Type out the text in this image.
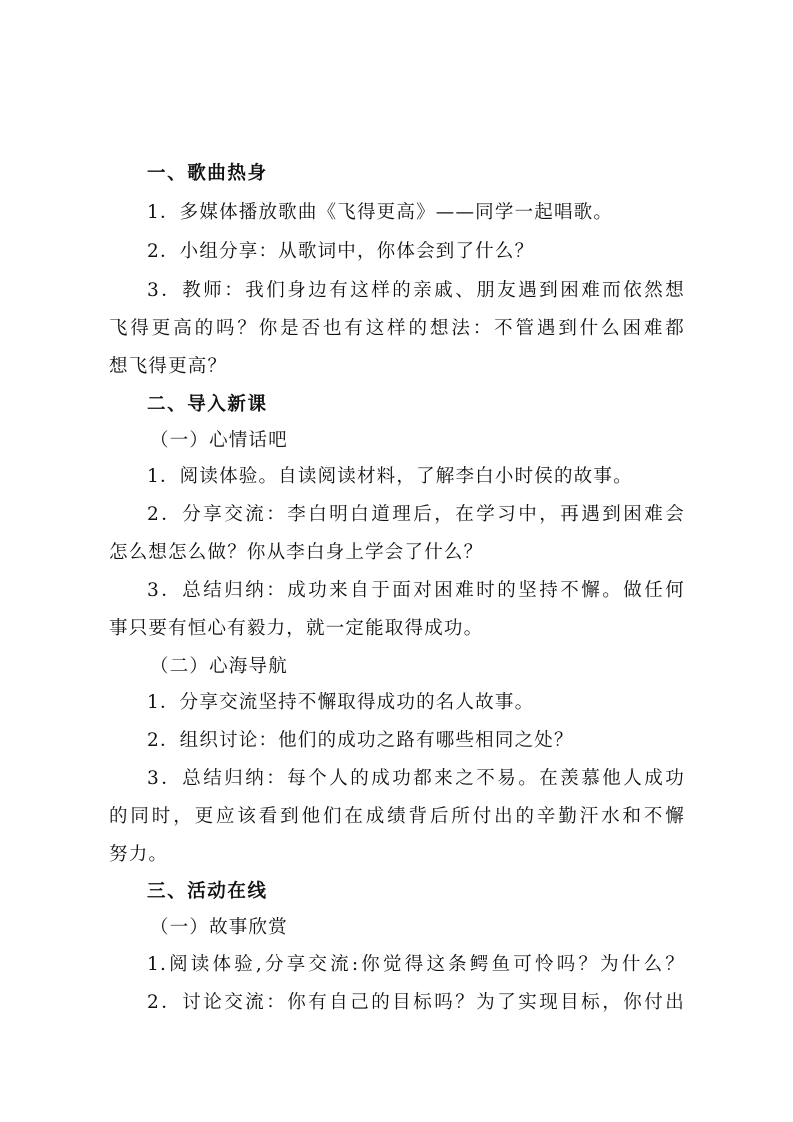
一、歌曲热身
1．多媒体播放歌曲《飞得更高》——同学一起唱歌。
2．小组分享：从歌词中，你体会到了什么？
3．教师：我们身边有这样的亲戚、朋友遇到困难而依然想
飞得更高的吗？你是否也有这样的想法：不管遇到什么困难都
想飞得更高？
二、导入新课
（一）心情话吧
1．阅读体验。自读阅读材料，了解李白小时侯的故事。
2．分享交流：李白明白道理后，在学习中，再遇到困难会
怎么想怎么做？你从李白身上学会了什么？
3．总结归纳：成功来自于面对困难时的坚持不懈。做任何
事只要有恒心有毅力，就一定能取得成功。
（二）心海导航
1．分享交流坚持不懈取得成功的名人故事。
2．组织讨论：他们的成功之路有哪些相同之处？
3．总结归纳：每个人的成功都来之不易。在羡慕他人成功
的同时，更应该看到他们在成绩背后所付出的辛勤汗水和不懈
努力。
三、活动在线
（一）故事欣赏
1.阅读体验,分享交流:你觉得这条鳄鱼可怜吗？为什么？
2．讨论交流：你有自己的目标吗？为了实现目标，你付出
